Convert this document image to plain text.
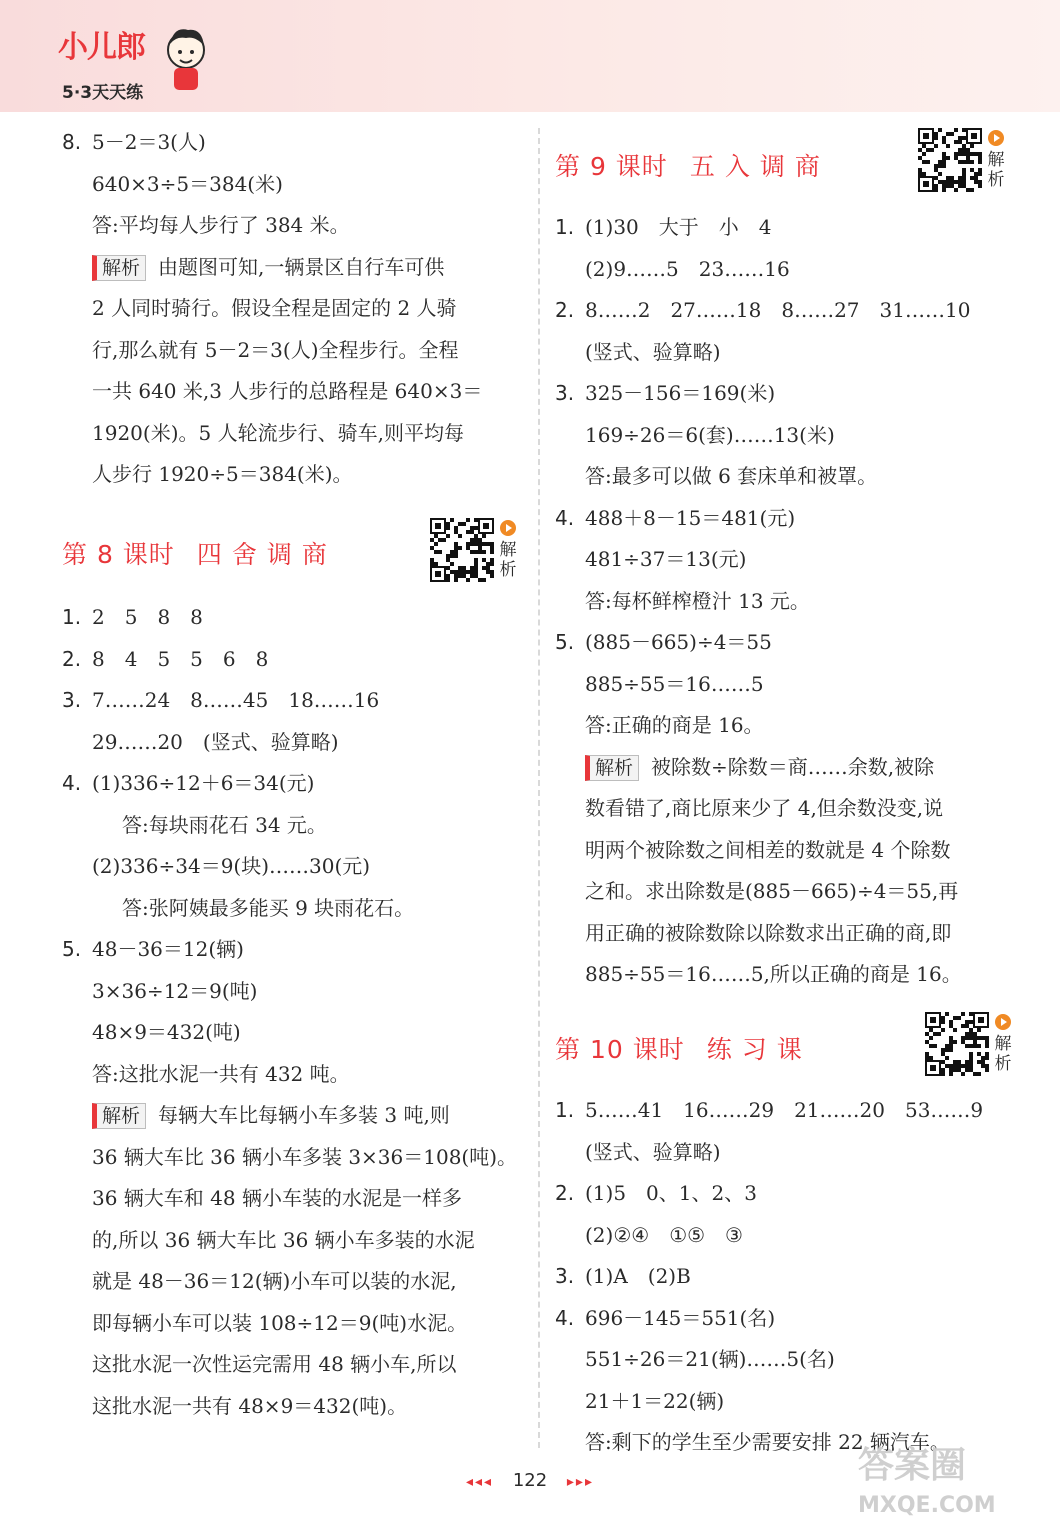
小儿郎
5·3天天练
8. 5－2＝3(人)
640×3÷5＝384(米)
答:平均每人步行了 384 米。
解析 由题图可知,一辆景区自行车可供
2 人同时骑行。假设全程是固定的 2 人骑
行,那么就有 5－2＝3(人)全程步行。全程
一共 640 米,3 人步行的总路程是 640×3＝
1920(米)。5 人轮流步行、骑车,则平均每
人步行 1920÷5＝384(米)。
第 8 课时 四舍调商	解析
1. 2　5　8　8
2. 8　4　5　5　6　8
3. 7……24　8……45　18……16
29……20　(竖式、验算略)
4. (1)336÷12＋6＝34(元)
答:每块雨花石 34 元。
(2)336÷34＝9(块)……30(元)
答:张阿姨最多能买 9 块雨花石。
5. 48－36＝12(辆)
3×36÷12＝9(吨)
48×9＝432(吨)
答:这批水泥一共有 432 吨。
解析 每辆大车比每辆小车多装 3 吨,则
36 辆大车比 36 辆小车多装 3×36＝108(吨)。
36 辆大车和 48 辆小车装的水泥是一样多
的,所以 36 辆大车比 36 辆小车多装的水泥
就是 48－36＝12(辆)小车可以装的水泥,
即每辆小车可以装 108÷12＝9(吨)水泥。
这批水泥一次性运完需用 48 辆小车,所以
这批水泥一共有 48×9＝432(吨)。
第 9 课时 五入调商	解析
1. (1)30　大于　小　4
(2)9……5　23……16
2. 8……2　27……18　8……27　31……10
(竖式、验算略)
3. 325－156＝169(米)
169÷26＝6(套)……13(米)
答:最多可以做 6 套床单和被罩。
4. 488＋8－15＝481(元)
481÷37＝13(元)
答:每杯鲜榨橙汁 13 元。
5. (885－665)÷4＝55
885÷55＝16……5
答:正确的商是 16。
解析 被除数÷除数＝商……余数,被除
数看错了,商比原来少了 4,但余数没变,说
明两个被除数之间相差的数就是 4 个除数
之和。求出除数是(885－665)÷4＝55,再
用正确的被除数除以除数求出正确的商,即
885÷55＝16……5,所以正确的商是 16。
第 10 课时 练习课	解析
1. 5……41　16……29　21……20　53……9
(竖式、验算略)
2. (1)5　0、1、2、3
(2)②④　①⑤　③
3. (1)A　(2)B
4. 696－145＝551(名)
551÷26＝21(辆)……5(名)
21＋1＝22(辆)
答:剩下的学生至少需要安排 22 辆汽车。
◂◂◂ 122 ▸▸▸	答案圈
MXQE.COM
